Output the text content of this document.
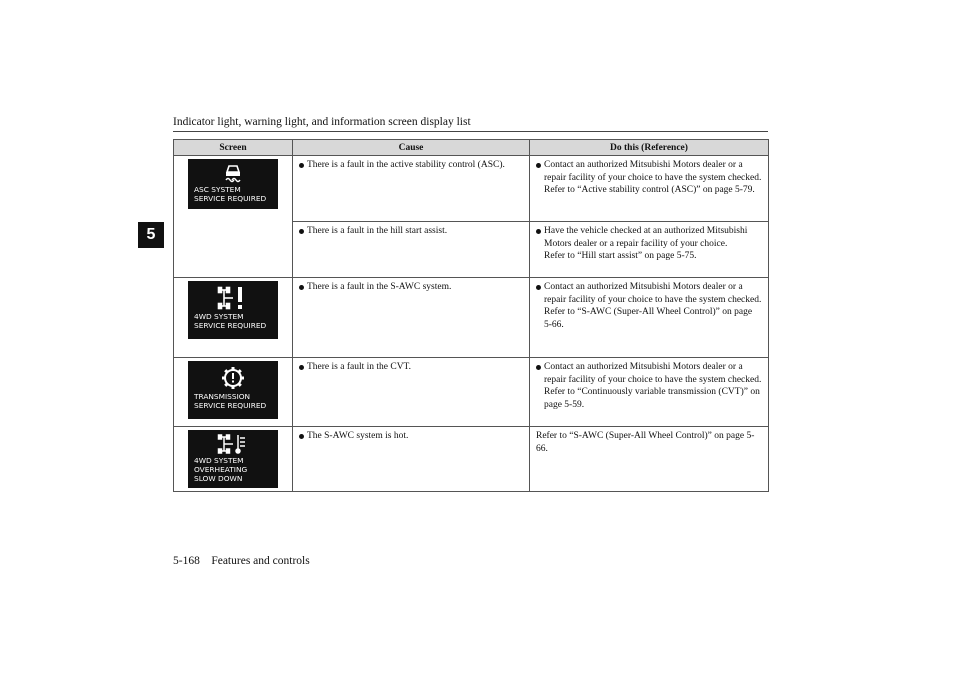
Indicator light, warning light, and information screen display list
5
Screen	Cause	Do this (Reference)

ASC SYSTEM
SERVICE REQUIRED	There is a fault in the active stability control (ASC).	Contact an authorized Mitsubishi Motors dealer or a repair facility of your choice to have the system checked.
Refer to “Active stability control (ASC)” on page 5-79.

	There is a fault in the hill start assist.	Have the vehicle checked at an authorized Mitsubishi Motors dealer or a repair facility of your choice.
Refer to “Hill start assist” on page 5-75.

4WD SYSTEM
SERVICE REQUIRED	There is a fault in the S-AWC system.	Contact an authorized Mitsubishi Motors dealer or a repair facility of your choice to have the system checked.
Refer to “S-AWC (Super-All Wheel Control)” on page 5-66.

TRANSMISSION
SERVICE REQUIRED	There is a fault in the CVT.	Contact an authorized Mitsubishi Motors dealer or a repair facility of your choice to have the system checked.
Refer to “Continuously variable transmission (CVT)” on page 5-59.

4WD SYSTEM
OVERHEATING
SLOW DOWN	The S-AWC system is hot.	Refer to “S-AWC (Super-All Wheel Control)” on page 5-66.
5-168    Features and controls
